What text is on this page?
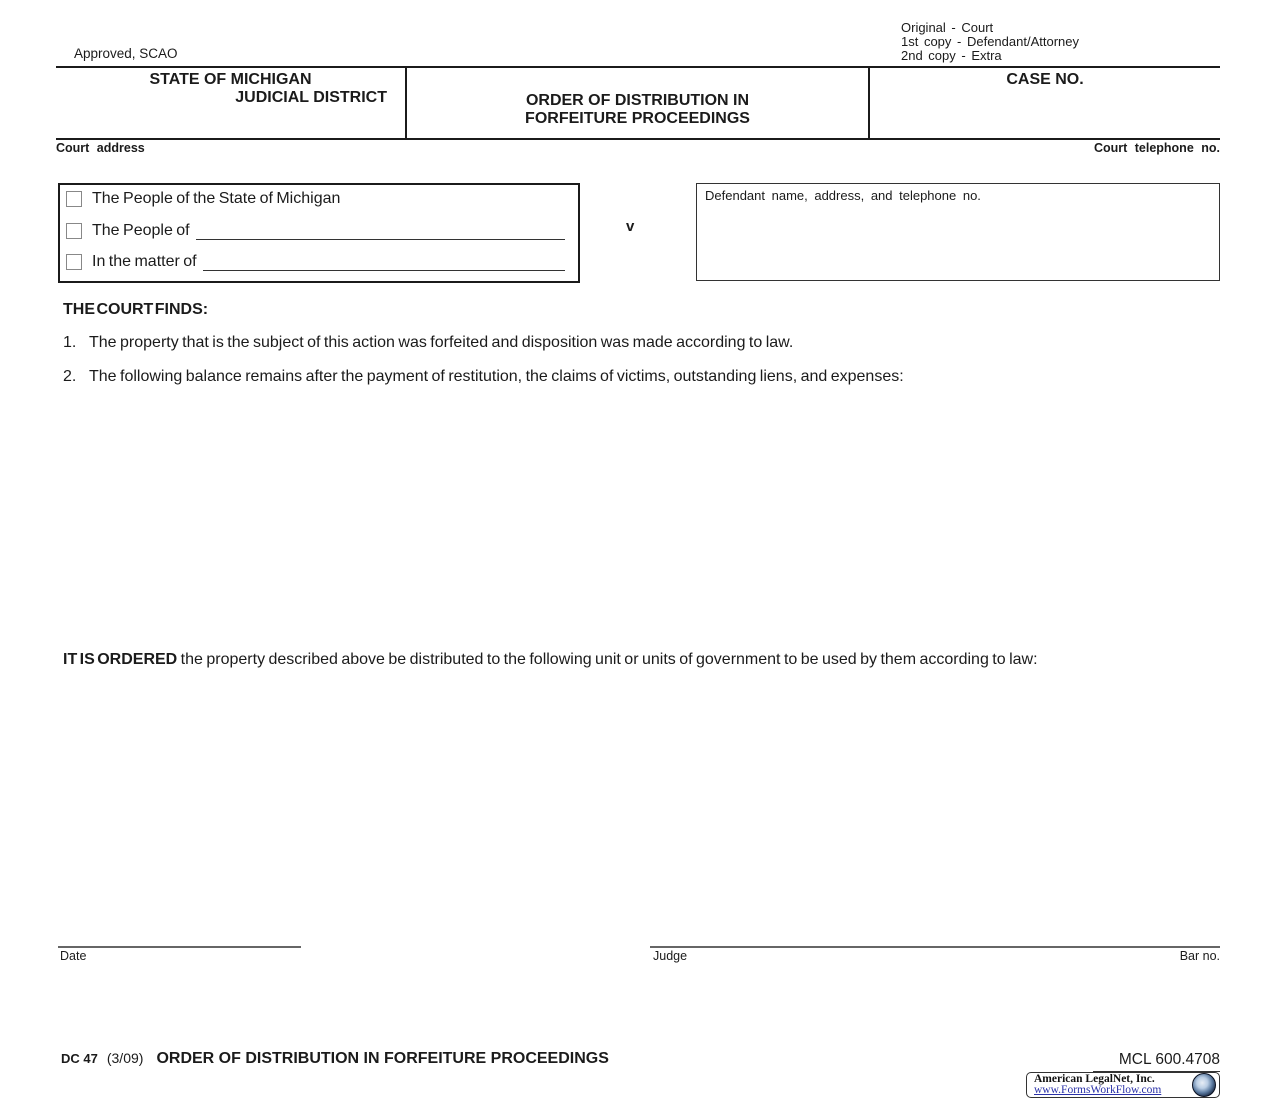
Approved, SCAO
Original - Court
1st copy - Defendant/Attorney
2nd copy - Extra
STATE OF MICHIGAN
JUDICIAL DISTRICT	ORDER OF DISTRIBUTION IN
FORFEITURE PROCEEDINGS
CASE NO.
Court address	Court telephone no.
The People of the State of Michigan
The People of
In the matter of
v
Defendant name, address, and telephone no.
THE COURT FINDS:
1. The property that is the subject of this action was forfeited and disposition was made according to law.
2. The following balance remains after the payment of restitution, the claims of victims, outstanding liens, and expenses:
IT IS ORDERED the property described above be distributed to the following unit or units of government to be used by them according to law:
Date	Judge	Bar no.
DC 47 (3/09) ORDER OF DISTRIBUTION IN FORFEITURE PROCEEDINGS	MCL 600.4708
American LegalNet, Inc.
www.FormsWorkFlow.com
